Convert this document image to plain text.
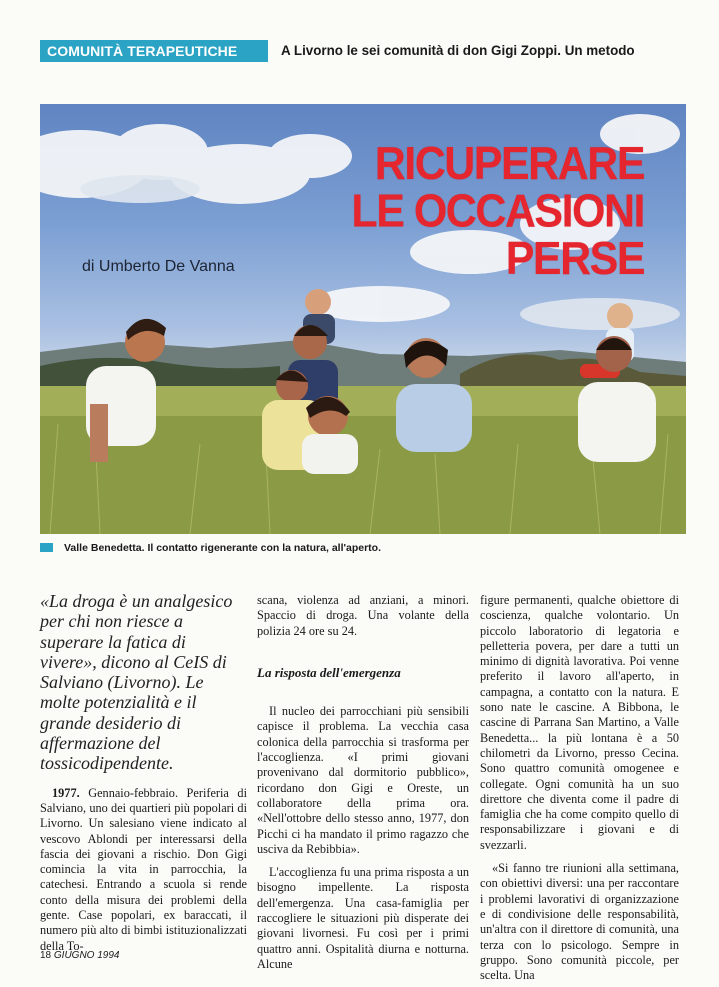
COMUNITÀ TERAPEUTICHE	A Livorno le sei comunità di don Gigi Zoppi. Un metodo
RICUPERARE
LE OCCASIONI
PERSE
di Umberto De Vanna
Valle Benedetta. Il contatto rigenerante con la natura, all'aperto.
«La droga è un analgesico per chi non riesce a superare la fatica di vivere», dicono al CeIS di Salviano (Livorno). Le molte potenzialità e il grande desiderio di affermazione del tossicodipendente.

1977. Gennaio-febbraio. Periferia di Salviano, uno dei quartieri più popolari di Livorno. Un salesiano viene indicato al vescovo Ablondi per interessarsi della fascia dei giovani a rischio. Don Gigi comincia la vita in parrocchia, la catechesi. Entrando a scuola si rende conto della misura dei problemi della gente. Case popolari, ex baraccati, il numero più alto di bimbi istituzionalizzati della To-

scana, violenza ad anziani, a minori. Spaccio di droga. Una volante della polizia 24 ore su 24.

La risposta dell'emergenza

Il nucleo dei parrocchiani più sensibili capisce il problema. La vecchia casa colonica della parrocchia si trasforma per l'accoglienza. «I primi giovani provenivano dal dormitorio pubblico», ricordano don Gigi e Oreste, un collaboratore della prima ora. «Nell'ottobre dello stesso anno, 1977, don Picchi ci ha mandato il primo ragazzo che usciva da Rebibbia».

L'accoglienza fu una prima risposta a un bisogno impellente. La risposta dell'emergenza. Una casa-famiglia per raccogliere le situazioni più disperate dei giovani livornesi. Fu così per i primi quattro anni. Ospitalità diurna e notturna. Alcune

figure permanenti, qualche obiettore di coscienza, qualche volontario. Un piccolo laboratorio di legatoria e pelletteria povera, per dare a tutti un minimo di dignità lavorativa. Poi venne preferito il lavoro all'aperto, in campagna, a contatto con la natura. E sono nate le cascine. A Bibbona, le cascine di Parrana San Martino, a Valle Benedetta... la più lontana è a 50 chilometri da Livorno, presso Cecina. Sono quattro comunità omogenee e collegate. Ogni comunità ha un suo direttore che diventa come il padre di famiglia che ha come compito quello di responsabilizzare i giovani e di svezzarli.

«Si fanno tre riunioni alla settimana, con obiettivi diversi: una per raccontare i problemi lavorativi di organizzazione e di condivisione delle responsabilità, un'altra con il direttore di comunità, una terza con lo psicologo. Sempre in gruppo. Sono comunità piccole, per scelta. Una

18 GIUGNO 1994
